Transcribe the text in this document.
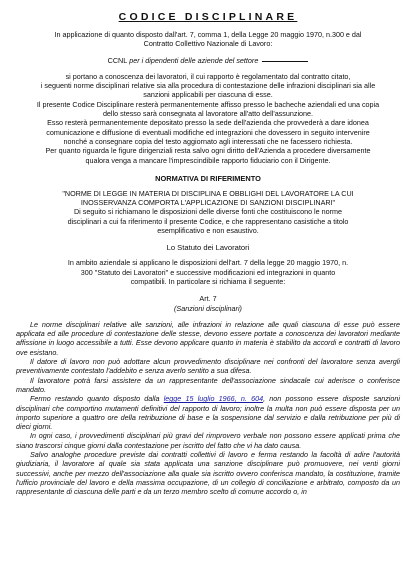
CODICE DISCIPLINARE

In applicazione di quanto disposto dall'art. 7, comma 1, della Legge 20 maggio 1970, n.300 e dal

Contratto Collettivo Nazionale di Lavoro:

CCNL
per i dipendenti delle aziende del settore

si portano a conoscenza dei lavoratori, il cui rapporto è regolamentato dal contratto citato,

i seguenti norme disciplinari relative sia alla procedura di contestazione delle infrazioni disciplinari sia alle

sanzioni applicabili per ciascuna di esse.

Il presente Codice Disciplinare resterà permanentemente affisso presso le bacheche aziendali ed una copia

dello stesso sarà consegnata al lavoratore all'atto dell'assunzione.

Esso resterà permanentemente depositato presso la sede dell'azienda che provvederà a dare idonea

comunicazione e diffusione di eventuali modifiche ed integrazioni che dovessero in seguito intervenire

nonché a consegnare copia del testo aggiornato agli interessati che ne facessero richiesta.

Per quanto riguarda le figure dirigenziali resta salvo ogni diritto dell'Azienda a procedere diversamente

qualora venga a mancare l'imprescindibile rapporto fiduciario con il Dirigente.

NORMATIVA DI RIFERIMENTO

"NORME DI LEGGE IN MATERIA DI DISCIPLINA E OBBLIGHI DEL LAVORATORE LA CUI

INOSSERVANZA COMPORTA L'APPLICAZIONE DI SANZIONI DISCIPLINARI"

Di seguito si richiamano le disposizioni delle diverse fonti che costituiscono le norme

disciplinari a cui fa riferimento il presente Codice, e che rappresentano casistiche a titolo

esemplificativo e non esaustivo.

Lo Statuto dei Lavoratori

In ambito aziendale si applicano le disposizioni dell'art. 7 della legge 20 maggio 1970, n.

300 "Statuto dei Lavoratori" e successive modificazioni ed integrazioni in quanto

compatibili. In particolare si richiama il seguente:

Art. 7

(Sanzioni disciplinari)

Le norme disciplinari relative alle sanzioni, alle infrazioni in relazione alle quali ciascuna di esse può essere applicata ed alle procedure di contestazione delle stesse, devono essere portate a conoscenza dei lavoratori mediante affissione in luogo accessibile a tutti. Esse devono applicare quanto in materia è stabilito da accordi e contratti di lavoro ove esistano.

Il datore di lavoro non può adottare alcun provvedimento disciplinare nei confronti del lavoratore senza avergli preventivamente contestato l'addebito e senza averlo sentito a sua difesa.

Il lavoratore potrà farsi assistere da un rappresentante dell'associazione sindacale cui aderisce o conferisce mandato.

Fermo restando quanto disposto dalla legge 15 luglio 1966, n. 604, non possono essere disposte sanzioni disciplinari che comportino mutamenti definitivi del rapporto di lavoro; inoltre la multa non può essere disposta per un importo superiore a quattro ore della retribuzione di base e la sospensione dal servizio e dalla retribuzione per più di dieci giorni.

In ogni caso, i provvedimenti disciplinari più gravi del rimprovero verbale non possono essere applicati prima che siano trascorsi cinque giorni dalla contestazione per iscritto del fatto che vi ha dato causa.

Salvo analoghe procedure previste dai contratti collettivi di lavoro e ferma restando la facoltà di adire l'autorità giudiziaria, il lavoratore al quale sia stata applicata una sanzione disciplinare può promuovere, nei venti giorni successivi, anche per mezzo dell'associazione alla quale sia iscritto ovvero conferisca mandato, la costituzione, tramite l'ufficio provinciale del lavoro e della massima occupazione, di un collegio di conciliazione e arbitrato, composto da un rappresentante di ciascuna delle parti e da un terzo membro scelto di comune accordo o, in
